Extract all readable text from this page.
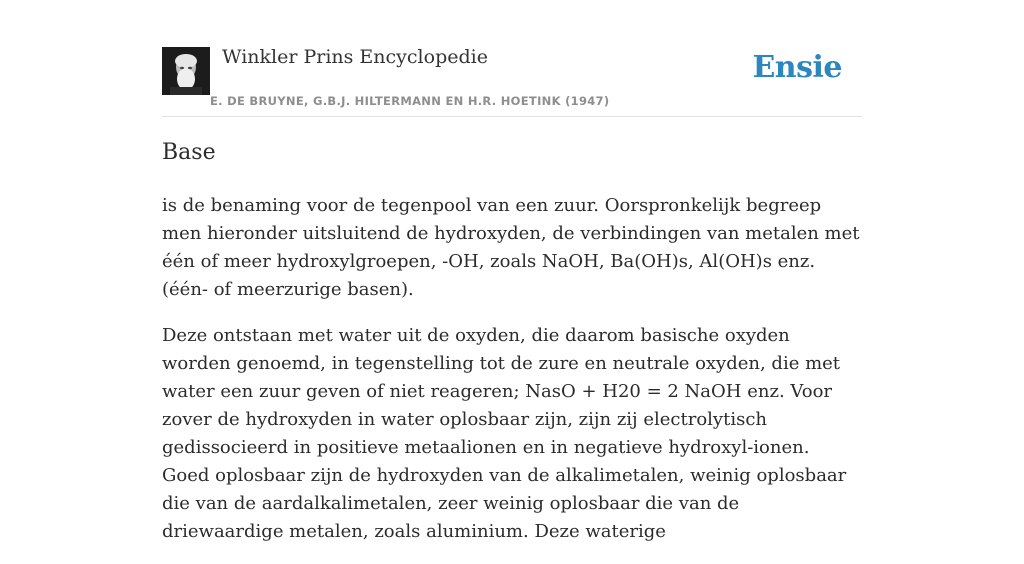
Winkler Prins Encyclopedie
E. DE BRUYNE, G.B.J. HILTERMANN EN H.R. HOETINK (1947)
Ensie
Base

is de benaming voor de tegenpool van een zuur. Oorspronkelijk begreep men hieronder uitsluitend de hydroxyden, de verbindingen van metalen met één of meer hydroxylgroepen, -OH, zoals NaOH, Ba(OH)s, Al(OH)s enz. (één- of meerzurige basen).

Deze ontstaan met water uit de oxyden, die daarom basische oxyden worden genoemd, in tegenstelling tot de zure en neutrale oxyden, die met water een zuur geven of niet reageren; NasO + H20 = 2 NaOH enz. Voor zover de hydroxyden in water oplosbaar zijn, zijn zij electrolytisch gedissocieerd in positieve metaalionen en in negatieve hydroxyl-ionen. Goed oplosbaar zijn de hydroxyden van de alkalimetalen, weinig oplosbaar die van de aardalkalimetalen, zeer weinig oplosbaar die van de driewaardige metalen, zoals aluminium. Deze waterige
